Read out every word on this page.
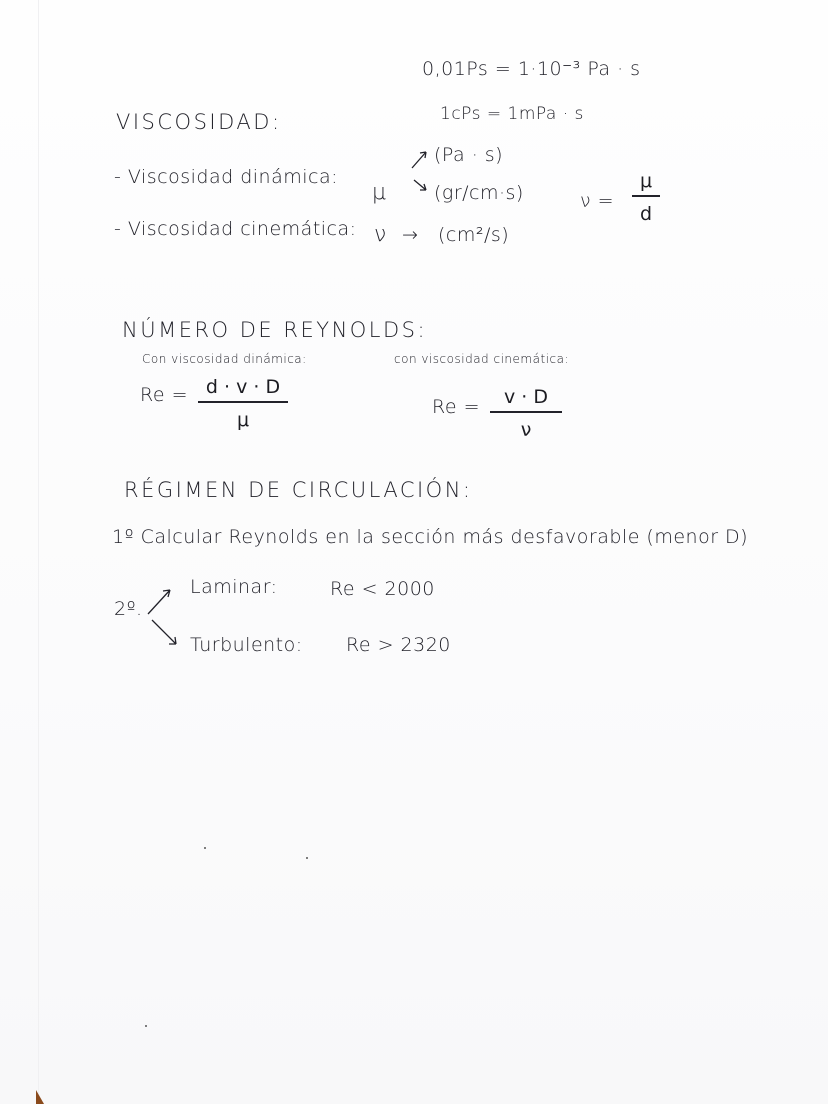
0,01Ps = 1·10⁻³ Pa · s
1cPs = 1mPa · s
VISCOSIDAD:
- Viscosidad dinámica:
μ
(Pa · s)
(gr/cm·s)
- Viscosidad cinemática: ν → (cm²/s)
ν =
μ
d
NÚMERO DE REYNOLDS:
Con viscosidad dinámica:
Re = d · v · D
μ
con viscosidad cinemática:
Re = v · D
ν
RÉGIMEN DE CIRCULACIÓN:
1º Calcular Reynolds en la sección más desfavorable (menor D)
2º.
Laminar:	Re < 2000
Turbulento: Re > 2320
